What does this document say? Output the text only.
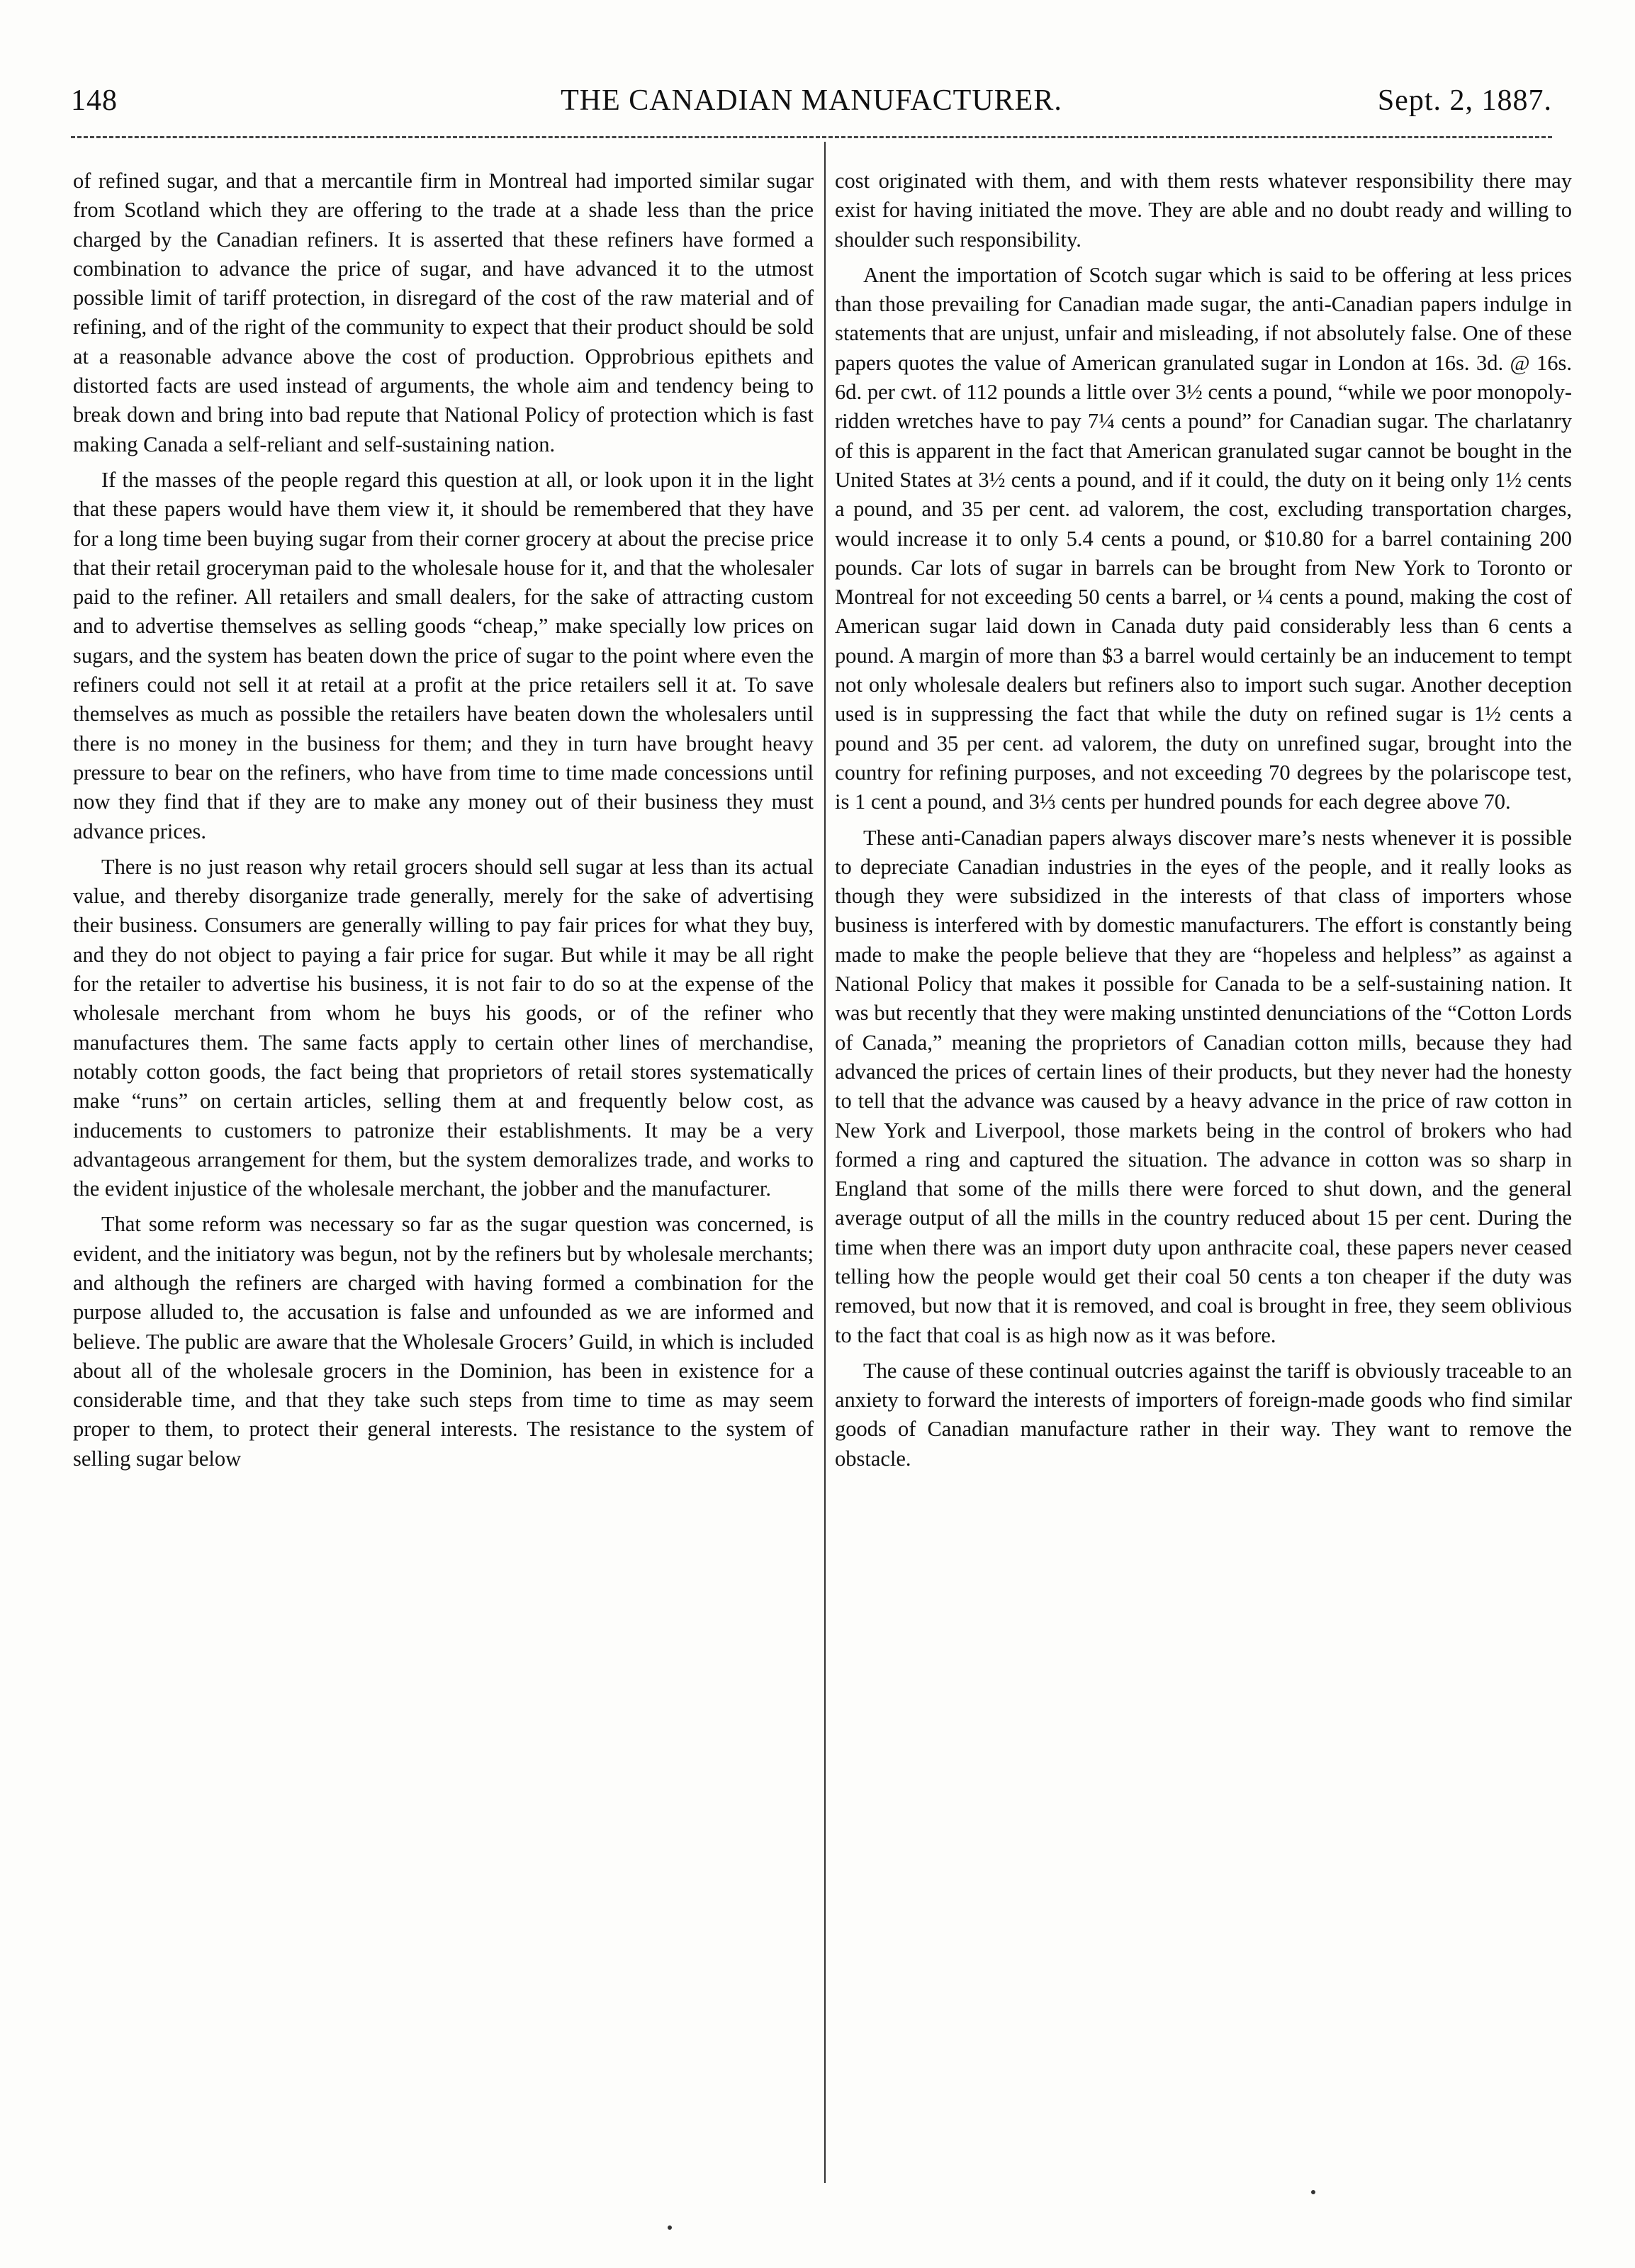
148	THE CANADIAN MANUFACTURER.	Sept. 2, 1887.

of refined sugar, and that a mercantile firm in Montreal had imported similar sugar from Scotland which they are offering to the trade at a shade less than the price charged by the Canadian refiners. It is asserted that these refiners have formed a combination to advance the price of sugar, and have advanced it to the utmost possible limit of tariff protection, in disregard of the cost of the raw material and of refining, and of the right of the community to expect that their product should be sold at a reasonable advance above the cost of production. Opprobrious epithets and distorted facts are used instead of arguments, the whole aim and tendency being to break down and bring into bad repute that National Policy of protection which is fast making Canada a self-reliant and self-sustaining nation.

If the masses of the people regard this question at all, or look upon it in the light that these papers would have them view it, it should be remembered that they have for a long time been buying sugar from their corner grocery at about the precise price that their retail groceryman paid to the wholesale house for it, and that the wholesaler paid to the refiner. All retailers and small dealers, for the sake of attracting custom and to advertise themselves as selling goods “cheap,” make specially low prices on sugars, and the system has beaten down the price of sugar to the point where even the refiners could not sell it at retail at a profit at the price retailers sell it at. To save themselves as much as possible the retailers have beaten down the wholesalers until there is no money in the business for them; and they in turn have brought heavy pressure to bear on the refiners, who have from time to time made concessions until now they find that if they are to make any money out of their business they must advance prices.

There is no just reason why retail grocers should sell sugar at less than its actual value, and thereby disorganize trade generally, merely for the sake of advertising their business. Consumers are generally willing to pay fair prices for what they buy, and they do not object to paying a fair price for sugar. But while it may be all right for the retailer to advertise his business, it is not fair to do so at the expense of the wholesale merchant from whom he buys his goods, or of the refiner who manufactures them. The same facts apply to certain other lines of merchandise, notably cotton goods, the fact being that proprietors of retail stores systematically make “runs” on certain articles, selling them at and frequently below cost, as inducements to customers to patronize their establishments. It may be a very advantageous arrangement for them, but the system demoralizes trade, and works to the evident injustice of the wholesale merchant, the jobber and the manufacturer.

That some reform was necessary so far as the sugar question was concerned, is evident, and the initiatory was begun, not by the refiners but by wholesale merchants; and although the refiners are charged with having formed a combination for the purpose alluded to, the accusation is false and unfounded as we are informed and believe. The public are aware that the Wholesale Grocers’ Guild, in which is included about all of the wholesale grocers in the Dominion, has been in existence for a considerable time, and that they take such steps from time to time as may seem proper to them, to protect their general interests. The resistance to the system of selling sugar below

cost originated with them, and with them rests whatever responsibility there may exist for having initiated the move. They are able and no doubt ready and willing to shoulder such responsibility.

Anent the importation of Scotch sugar which is said to be offering at less prices than those prevailing for Canadian made sugar, the anti-Canadian papers indulge in statements that are unjust, unfair and misleading, if not absolutely false. One of these papers quotes the value of American granulated sugar in London at 16s. 3d. @ 16s. 6d. per cwt. of 112 pounds a little over 3½ cents a pound, “while we poor monopoly-ridden wretches have to pay 7¼ cents a pound” for Canadian sugar. The charlatanry of this is apparent in the fact that American granulated sugar cannot be bought in the United States at 3½ cents a pound, and if it could, the duty on it being only 1½ cents a pound, and 35 per cent. ad valorem, the cost, excluding transportation charges, would increase it to only 5.4 cents a pound, or $10.80 for a barrel containing 200 pounds. Car lots of sugar in barrels can be brought from New York to Toronto or Montreal for not exceeding 50 cents a barrel, or ¼ cents a pound, making the cost of American sugar laid down in Canada duty paid considerably less than 6 cents a pound. A margin of more than $3 a barrel would certainly be an inducement to tempt not only wholesale dealers but refiners also to import such sugar. Another deception used is in suppressing the fact that while the duty on refined sugar is 1½ cents a pound and 35 per cent. ad valorem, the duty on unrefined sugar, brought into the country for refining purposes, and not exceeding 70 degrees by the polariscope test, is 1 cent a pound, and 3⅓ cents per hundred pounds for each degree above 70.

These anti-Canadian papers always discover mare’s nests whenever it is possible to depreciate Canadian industries in the eyes of the people, and it really looks as though they were subsidized in the interests of that class of importers whose business is interfered with by domestic manufacturers. The effort is constantly being made to make the people believe that they are “hopeless and helpless” as against a National Policy that makes it possible for Canada to be a self-sustaining nation. It was but recently that they were making unstinted denunciations of the “Cotton Lords of Canada,” meaning the proprietors of Canadian cotton mills, because they had advanced the prices of certain lines of their products, but they never had the honesty to tell that the advance was caused by a heavy advance in the price of raw cotton in New York and Liverpool, those markets being in the control of brokers who had formed a ring and captured the situation. The advance in cotton was so sharp in England that some of the mills there were forced to shut down, and the general average output of all the mills in the country reduced about 15 per cent. During the time when there was an import duty upon anthracite coal, these papers never ceased telling how the people would get their coal 50 cents a ton cheaper if the duty was removed, but now that it is removed, and coal is brought in free, they seem oblivious to the fact that coal is as high now as it was before.

The cause of these continual outcries against the tariff is obviously traceable to an anxiety to forward the interests of importers of foreign-made goods who find similar goods of Canadian manufacture rather in their way. They want to remove the obstacle.
